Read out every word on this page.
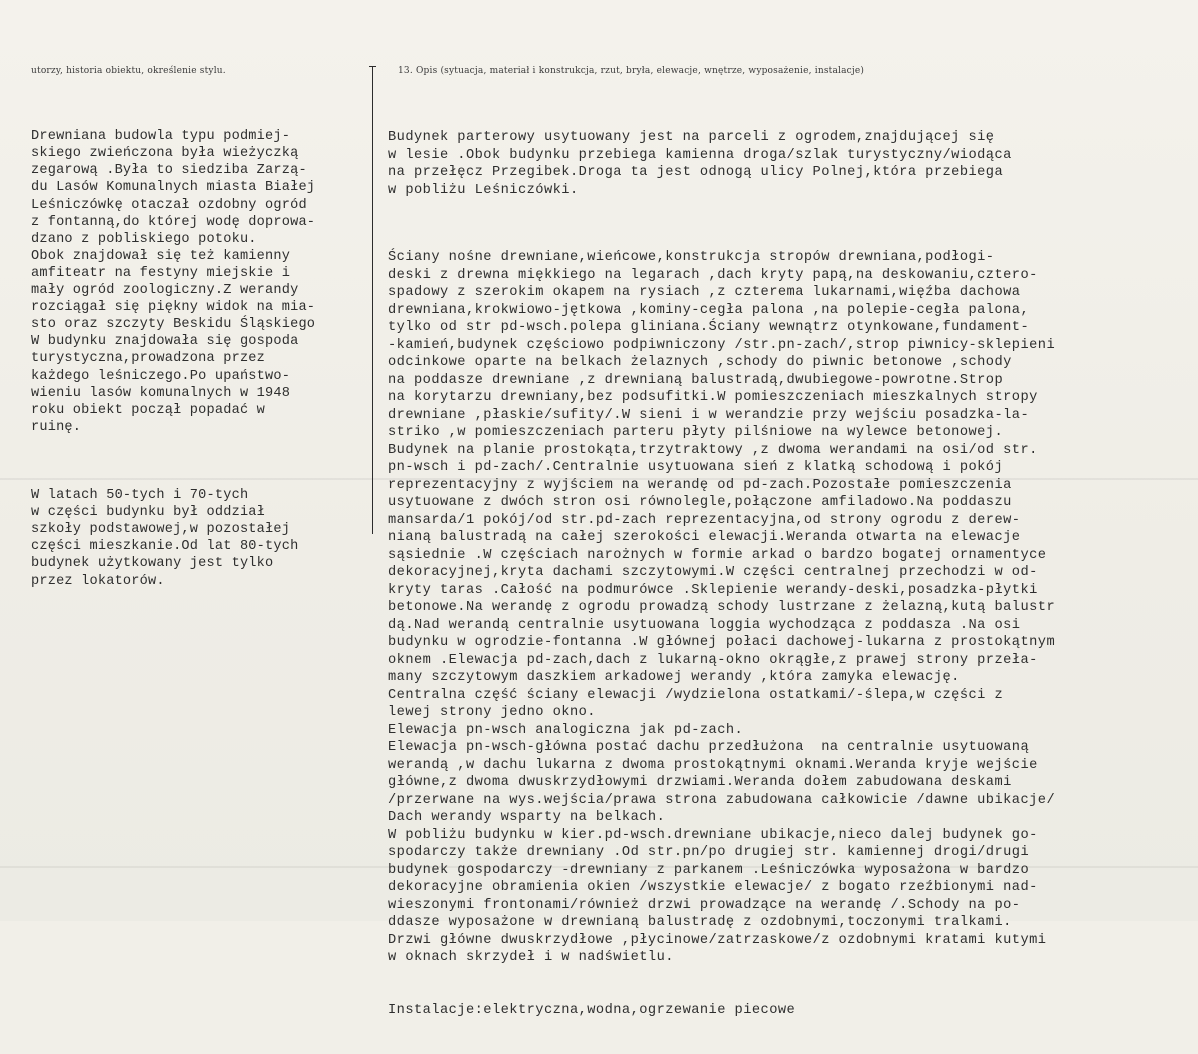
utorzy, historia obiektu, określenie stylu.	13. Opis (sytuacja, materiał i konstrukcja, rzut, bryła, elewacje, wnętrze, wyposażenie, instalacje)

Drewniana budowla typu podmiej-
skiego zwieńczona była wieżyczką
zegarową .Była to siedziba Zarzą-
du Lasów Komunalnych miasta Białej
Leśniczówkę otaczał ozdobny ogród
z fontanną,do której wodę doprowa-
dzano z pobliskiego potoku.
Obok znajdował się też kamienny
amfiteatr na festyny miejskie i
mały ogród zoologiczny.Z werandy
rozciągał się piękny widok na mia-
sto oraz szczyty Beskidu Śląskiego
W budynku znajdowała się gospoda
turystyczna,prowadzona przez
każdego leśniczego.Po upaństwo-
wieniu lasów komunalnych w 1948
roku obiekt począł popadać w
ruinę.

W latach 50-tych i 70-tych
w części budynku był oddział
szkoły podstawowej,w pozostałej
części mieszkanie.Od lat 80-tych
budynek użytkowany jest tylko
przez lokatorów.

Budynek parterowy usytuowany jest na parceli z ogrodem,znajdującej się
w lesie .Obok budynku przebiega kamienna droga/szlak turystyczny/wiodąca
na przełęcz Przegibek.Droga ta jest odnogą ulicy Polnej,która przebiega
w pobliżu Leśniczówki.

Ściany nośne drewniane,wieńcowe,konstrukcja stropów drewniana,podłogi-
deski z drewna miękkiego na legarach ,dach kryty papą,na deskowaniu,cztero-
spadowy z szerokim okapem na rysiach ,z czterema lukarnami,więźba dachowa
drewniana,krokwiowo-jętkowa ,kominy-cegła palona ,na polepie-cegła palona,
tylko od str pd-wsch.polepa gliniana.Ściany wewnątrz otynkowane,fundament-
-kamień,budynek częściowo podpiwniczony /str.pn-zach/,strop piwnicy-sklepieni
odcinkowe oparte na belkach żelaznych ,schody do piwnic betonowe ,schody
na poddasze drewniane ,z drewnianą balustradą,dwubiegowe-powrotne.Strop
na korytarzu drewniany,bez podsufitki.W pomieszczeniach mieszkalnych stropy
drewniane ,płaskie/sufity/.W sieni i w werandzie przy wejściu posadzka-la-
striko ,w pomieszczeniach parteru płyty pilśniowe na wylewce betonowej.
Budynek na planie prostokąta,trzytraktowy ,z dwoma werandami na osi/od str.
pn-wsch i pd-zach/.Centralnie usytuowana sień z klatką schodową i pokój
reprezentacyjny z wyjściem na werandę od pd-zach.Pozostałe pomieszczenia
usytuowane z dwóch stron osi równolegle,połączone amfiladowo.Na poddaszu
mansarda/1 pokój/od str.pd-zach reprezentacyjna,od strony ogrodu z derew-
nianą balustradą na całej szerokości elewacji.Weranda otwarta na elewacje
sąsiednie .W częściach narożnych w formie arkad o bardzo bogatej ornamentyce
dekoracyjnej,kryta dachami szczytowymi.W części centralnej przechodzi w od-
kryty taras .Całość na podmurówce .Sklepienie werandy-deski,posadzka-płytki
betonowe.Na werandę z ogrodu prowadzą schody lustrzane z żelazną,kutą balustr
dą.Nad werandą centralnie usytuowana loggia wychodząca z poddasza .Na osi
budynku w ogrodzie-fontanna .W głównej połaci dachowej-lukarna z prostokątnym
oknem .Elewacja pd-zach,dach z lukarną-okno okrągłe,z prawej strony przeła-
many szczytowym daszkiem arkadowej werandy ,która zamyka elewację.
Centralna część ściany elewacji /wydzielona ostatkami/-ślepa,w części z
lewej strony jedno okno.
Elewacja pn-wsch analogiczna jak pd-zach.
Elewacja pn-wsch-główna postać dachu przedłużona  na centralnie usytuowaną
werandą ,w dachu lukarna z dwoma prostokątnymi oknami.Weranda kryje wejście
główne,z dwoma dwuskrzydłowymi drzwiami.Weranda dołem zabudowana deskami
/przerwane na wys.wejścia/prawa strona zabudowana całkowicie /dawne ubikacje/
Dach werandy wsparty na belkach.
W pobliżu budynku w kier.pd-wsch.drewniane ubikacje,nieco dalej budynek go-
spodarczy także drewniany .Od str.pn/po drugiej str. kamiennej drogi/drugi
budynek gospodarczy -drewniany z parkanem .Leśniczówka wyposażona w bardzo
dekoracyjne obramienia okien /wszystkie elewacje/ z bogato rzeźbionymi nad-
wieszonymi frontonami/również drzwi prowadzące na werandę /.Schody na po-
ddasze wyposażone w drewnianą balustradę z ozdobnymi,toczonymi tralkami.
Drzwi główne dwuskrzydłowe ,płycinowe/zatrzaskowe/z ozdobnymi kratami kutymi
w oknach skrzydeł i w nadświetlu.

Instalacje:elektryczna,wodna,ogrzewanie piecowe
